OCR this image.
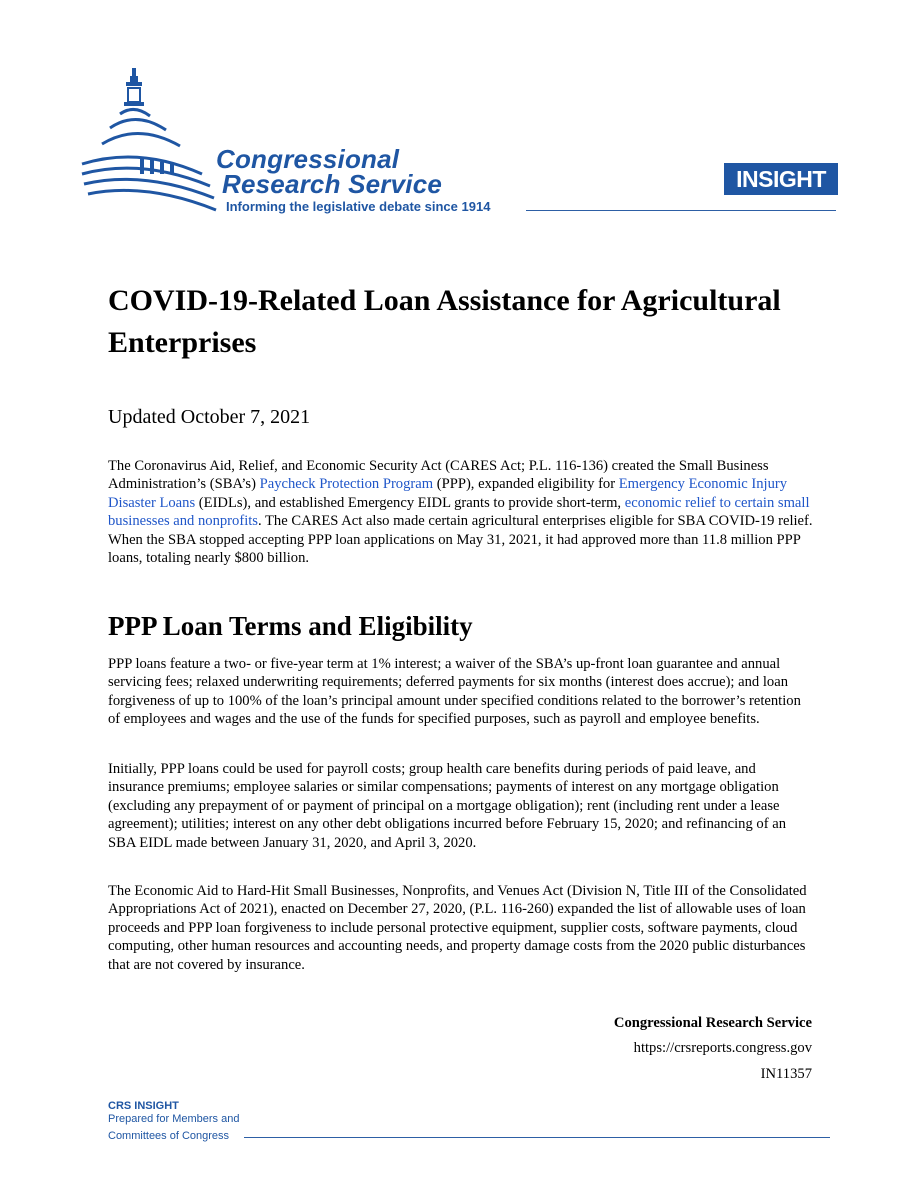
Congressional
Research Service
Informing the legislative debate since 1914
INSIGHT
COVID-19-Related Loan Assistance for Agricultural Enterprises
Updated October 7, 2021

The Coronavirus Aid, Relief, and Economic Security Act (CARES Act; P.L. 116-136) created the Small Business Administration’s (SBA’s) Paycheck Protection Program (PPP), expanded eligibility for Emergency Economic Injury Disaster Loans (EIDLs), and established Emergency EIDL grants to provide short-term, economic relief to certain small businesses and nonprofits. The CARES Act also made certain agricultural enterprises eligible for SBA COVID-19 relief. When the SBA stopped accepting PPP loan applications on May 31, 2021, it had approved more than 11.8 million PPP loans, totaling nearly $800 billion.

PPP Loan Terms and Eligibility

PPP loans feature a two- or five-year term at 1% interest; a waiver of the SBA’s up-front loan guarantee and annual servicing fees; relaxed underwriting requirements; deferred payments for six months (interest does accrue); and loan forgiveness of up to 100% of the loan’s principal amount under specified conditions related to the borrower’s retention of employees and wages and the use of the funds for specified purposes, such as payroll and employee benefits.

Initially, PPP loans could be used for payroll costs; group health care benefits during periods of paid leave, and insurance premiums; employee salaries or similar compensations; payments of interest on any mortgage obligation (excluding any prepayment of or payment of principal on a mortgage obligation); rent (including rent under a lease agreement); utilities; interest on any other debt obligations incurred before February 15, 2020; and refinancing of an SBA EIDL made between January 31, 2020, and April 3, 2020.

The Economic Aid to Hard-Hit Small Businesses, Nonprofits, and Venues Act (Division N, Title III of the Consolidated Appropriations Act of 2021), enacted on December 27, 2020, (P.L. 116-260) expanded the list of allowable uses of loan proceeds and PPP loan forgiveness to include personal protective equipment, supplier costs, software payments, cloud computing, other human resources and accounting needs, and property damage costs from the 2020 public disturbances that are not covered by insurance.

Congressional Research Service
https://crsreports.congress.gov
IN11357
CRS INSIGHT
Prepared for Members and
Committees of Congress
